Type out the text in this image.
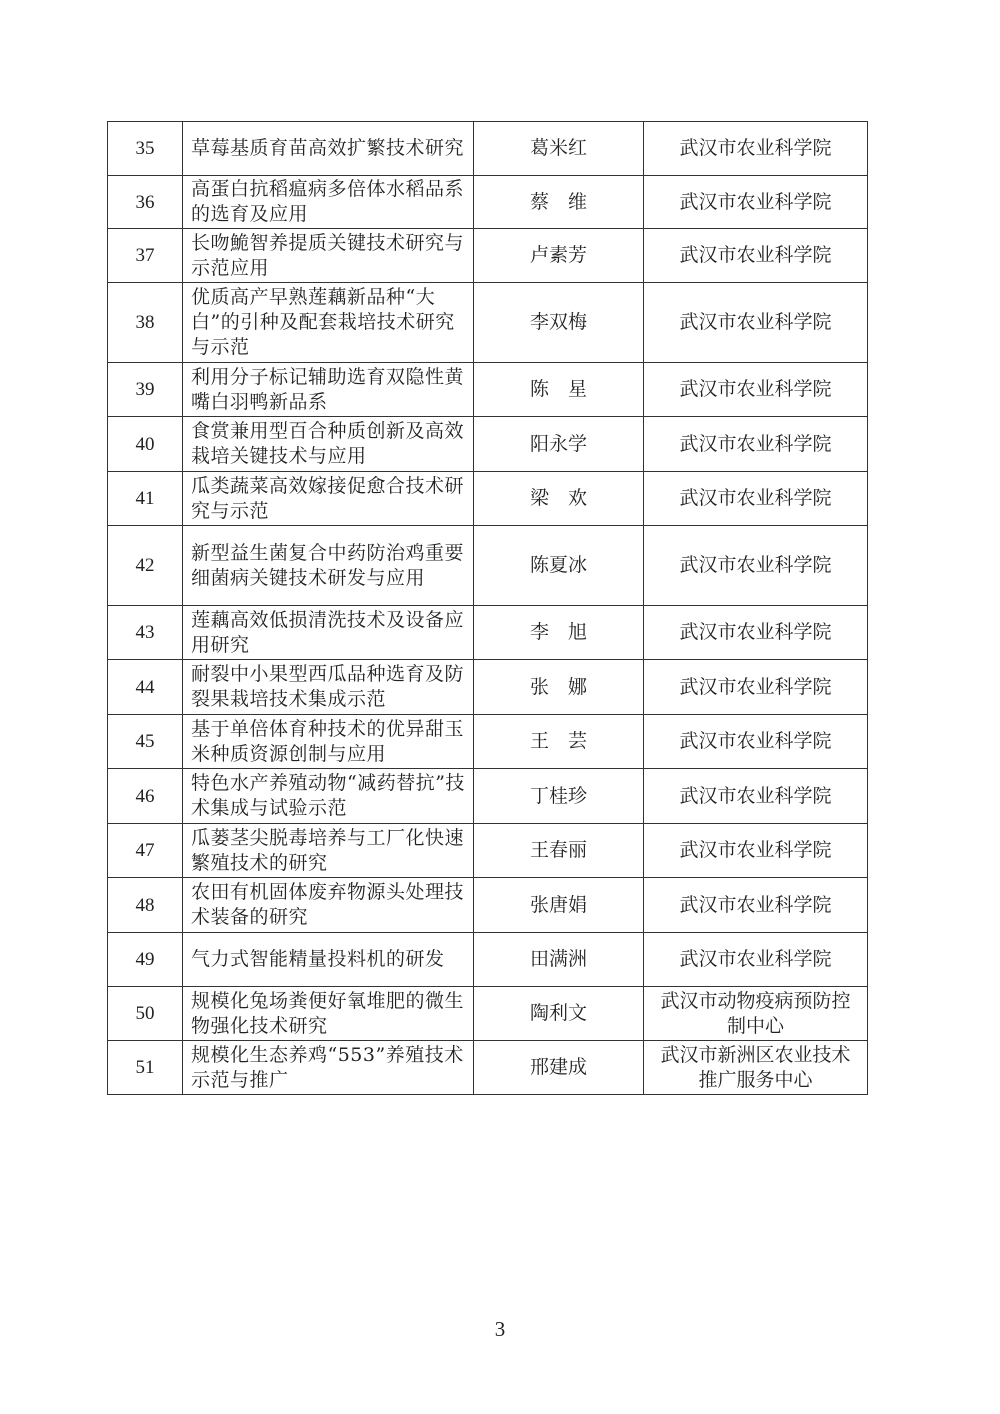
35	草莓基质育苗高效扩繁技术研究	葛米红	武汉市农业科学院
36	高蛋白抗稻瘟病多倍体水稻品系的选育及应用	蔡　维	武汉市农业科学院
37	长吻鮠智养提质关键技术研究与示范应用	卢素芳	武汉市农业科学院
38	优质高产早熟莲藕新品种“大白”的引种及配套栽培技术研究与示范	李双梅	武汉市农业科学院
39	利用分子标记辅助选育双隐性黄嘴白羽鸭新品系	陈　星	武汉市农业科学院
40	食赏兼用型百合种质创新及高效栽培关键技术与应用	阳永学	武汉市农业科学院
41	瓜类蔬菜高效嫁接促愈合技术研究与示范	梁　欢	武汉市农业科学院
42	新型益生菌复合中药防治鸡重要细菌病关键技术研发与应用	陈夏冰	武汉市农业科学院
43	莲藕高效低损清洗技术及设备应用研究	李　旭	武汉市农业科学院
44	耐裂中小果型西瓜品种选育及防裂果栽培技术集成示范	张　娜	武汉市农业科学院
45	基于单倍体育种技术的优异甜玉米种质资源创制与应用	王　芸	武汉市农业科学院
46	特色水产养殖动物“减药替抗”技术集成与试验示范	丁桂珍	武汉市农业科学院
47	瓜蒌茎尖脱毒培养与工厂化快速繁殖技术的研究	王春丽	武汉市农业科学院
48	农田有机固体废弃物源头处理技术装备的研究	张唐娟	武汉市农业科学院
49	气力式智能精量投料机的研发	田满洲	武汉市农业科学院
50	规模化兔场粪便好氧堆肥的微生物强化技术研究	陶利文	武汉市动物疫病预防控制中心
51	规模化生态养鸡“553”养殖技术示范与推广	邢建成	武汉市新洲区农业技术推广服务中心
3
